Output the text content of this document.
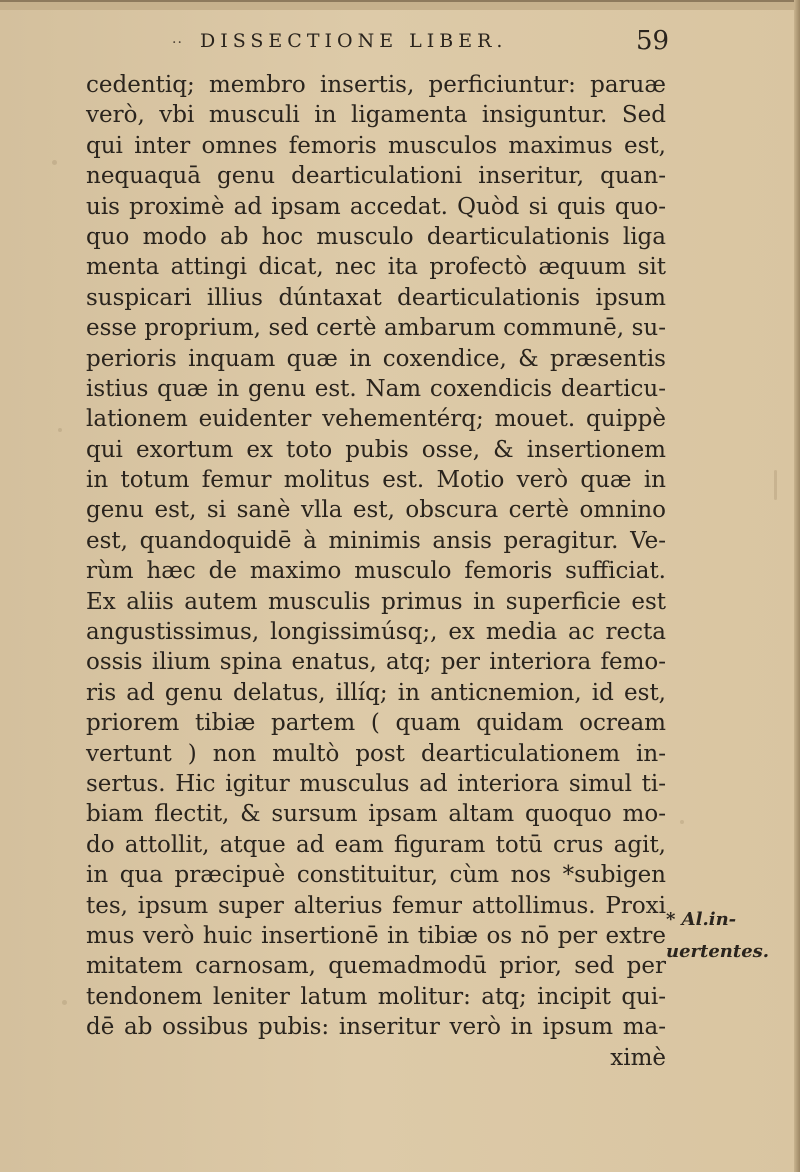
·· DISSECTIONE LIBER.	59
cedentiq; membro insertis, perficiuntur: paruæ
verò, vbi musculi in ligamenta insiguntur. Sed
qui inter omnes femoris musculos maximus est,
nequaquā genu dearticulationi inseritur, quan-
uis proximè ad ipsam accedat. Quòd si quis quo-
quo modo ab hoc musculo dearticulationis liga
menta attingi dicat, nec ita profectò æquum sit
suspicari illius dúntaxat dearticulationis ipsum
esse proprium, sed certè ambarum communē, su-
perioris inquam quæ in coxendice, & præsentis
istius quæ in genu est. Nam coxendicis dearticu-
lationem euidenter vehementérq; mouet. quippè
qui exortum ex toto pubis osse, & insertionem
in totum femur molitus est. Motio verò quæ in
genu est, si sanè vlla est, obscura certè omnino
est, quandoquidē à minimis ansis peragitur. Ve-
rùm hæc de maximo musculo femoris sufficiat.
Ex aliis autem musculis primus in superficie est
angustissimus, longissimúsq;, ex media ac recta
ossis ilium spina enatus, atq; per interiora femo-
ris ad genu delatus, illíq; in anticnemion, id est,
priorem tibiæ partem ( quam quidam ocream
vertunt ) non multò post dearticulationem in-
sertus. Hic igitur musculus ad interiora simul ti-
biam flectit, & sursum ipsam altam quoquo mo-
do attollit, atque ad eam figuram totū crus agit,
in qua præcipuè constituitur, cùm nos *subigen
tes, ipsum super alterius femur attollimus. Proxi
mus verò huic insertionē in tibiæ os nō per extre
mitatem carnosam, quemadmodū prior, sed per
tendonem leniter latum molitur: atq; incipit qui-
dē ab ossibus pubis: inseritur verò in ipsum ma-
ximè
* Al.in-
uertentes.
